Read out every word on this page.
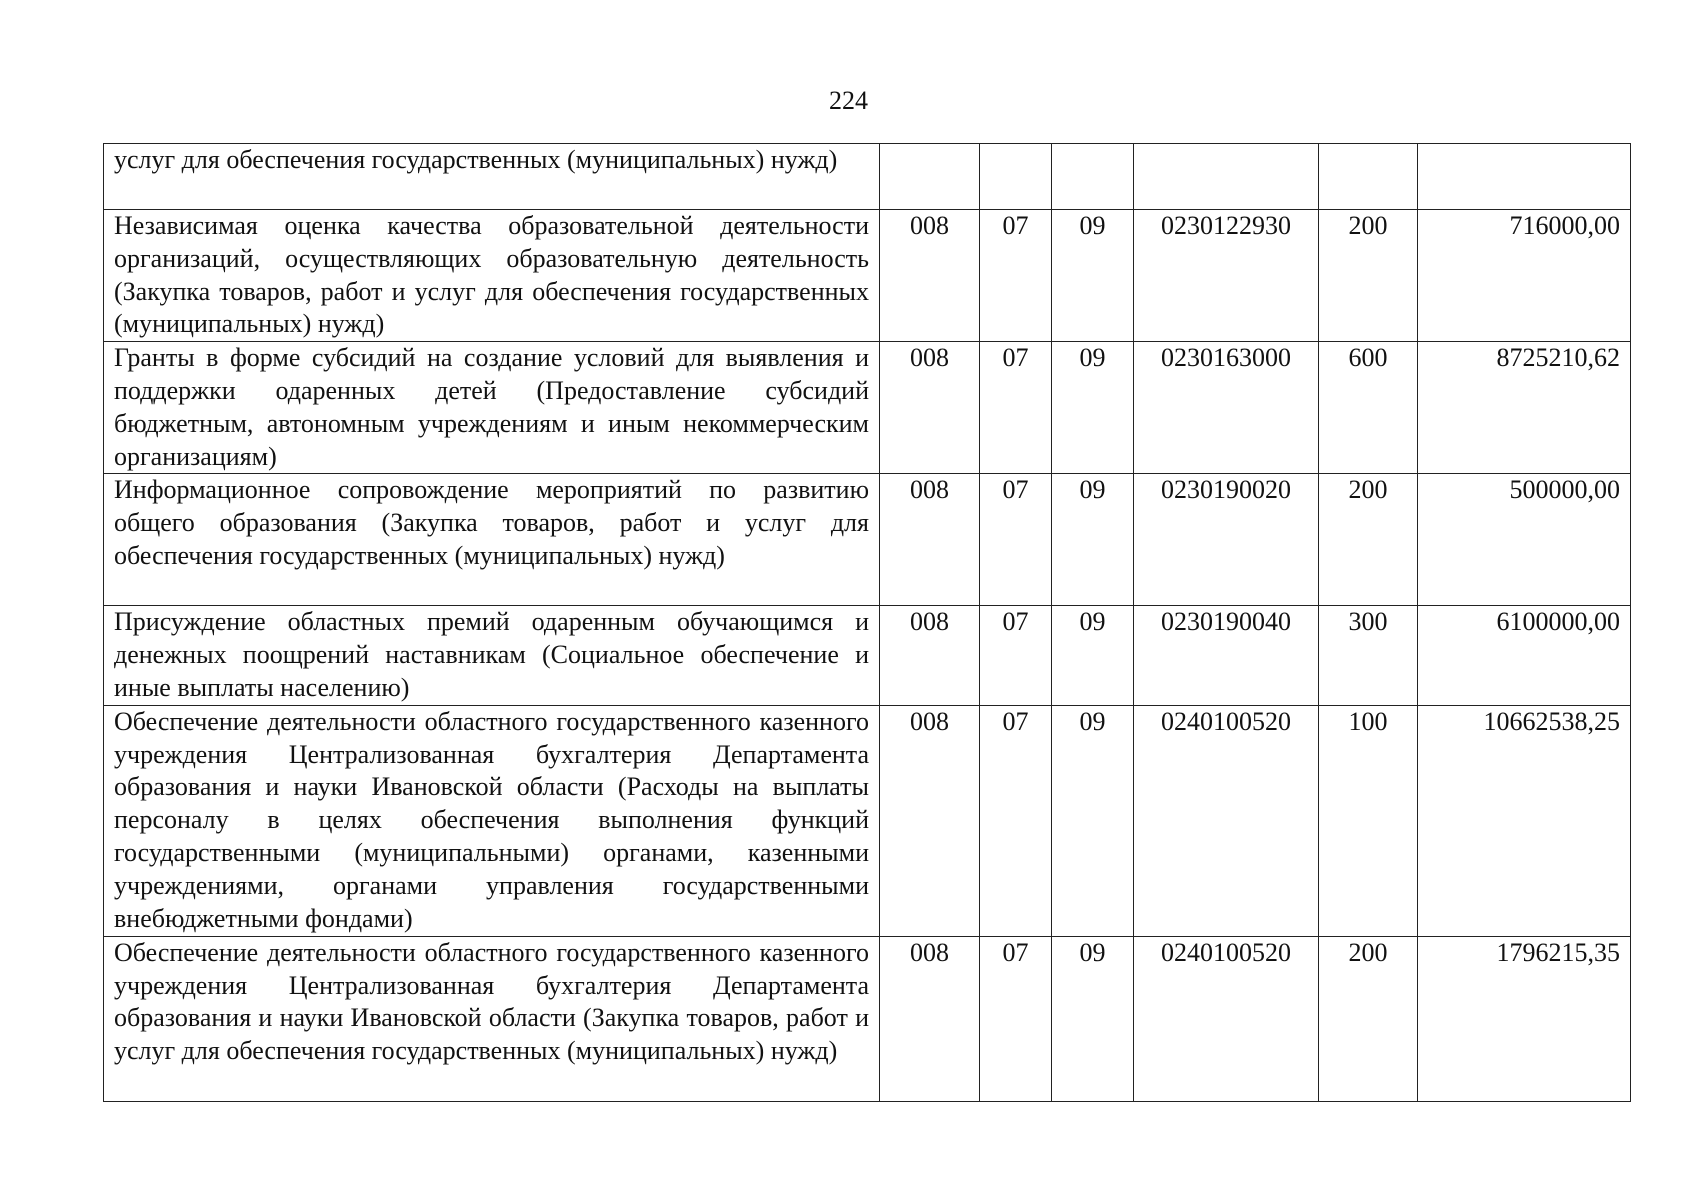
224
услуг для обеспечения государственных (муниципальных) нужд)						
Независимая оценка качества образовательной деятельности организаций, осуществляющих образовательную деятельность (Закупка товаров, работ и услуг для обеспечения государственных (муниципальных) нужд)	008	07	09	0230122930	200	716000,00
Гранты в форме субсидий на создание условий для выявления и поддержки одаренных детей (Предоставление субсидий бюджетным, автономным учреждениям и иным некоммерческим организациям)	008	07	09	0230163000	600	8725210,62
Информационное сопровождение мероприятий по развитию общего образования (Закупка товаров, работ и услуг для обеспечения государственных (муниципальных) нужд)	008	07	09	0230190020	200	500000,00
Присуждение областных премий одаренным обучающимся и денежных поощрений наставникам (Социальное обеспечение и иные выплаты населению)	008	07	09	0230190040	300	6100000,00
Обеспечение деятельности областного государственного казенного учреждения Централизованная бухгалтерия Департамента образования и науки Ивановской области (Расходы на выплаты персоналу в целях обеспечения выполнения функций государственными (муниципальными) органами, казенными учреждениями, органами управления государственными внебюджетными фондами)	008	07	09	0240100520	100	10662538,25
Обеспечение деятельности областного государственного казенного учреждения Централизованная бухгалтерия Департамента образования и науки Ивановской области (Закупка товаров, работ и услуг для обеспечения государственных (муниципальных) нужд)	008	07	09	0240100520	200	1796215,35
